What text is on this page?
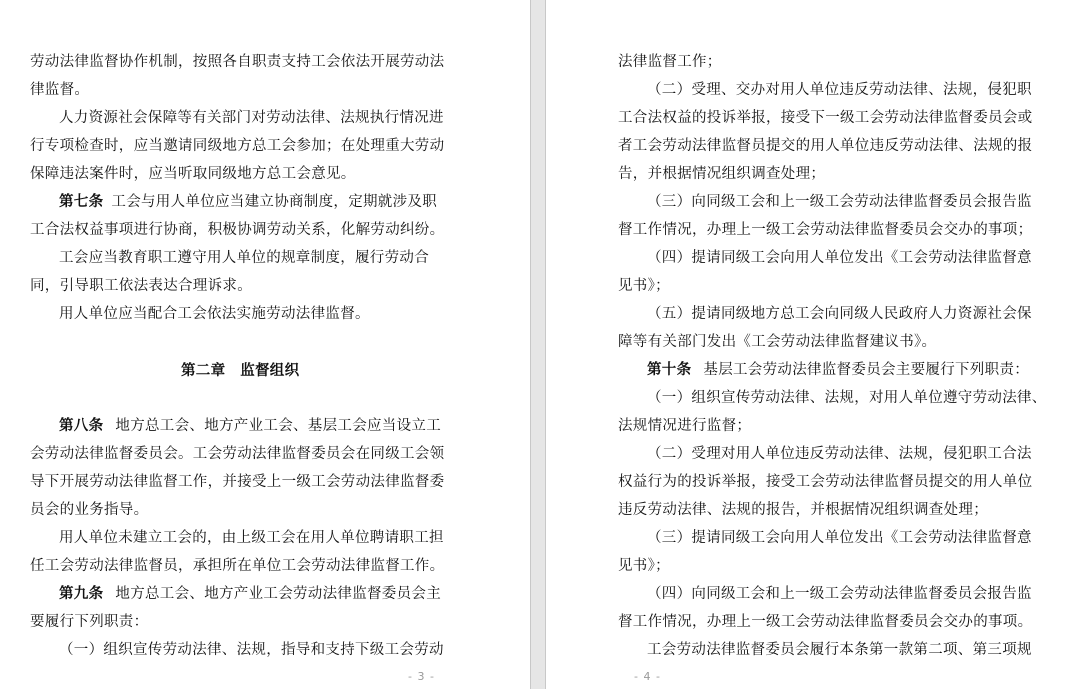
劳动法律监督协作机制，按照各自职责支持工会依法开展劳动法
律监督。
人力资源社会保障等有关部门对劳动法律、法规执行情况进
行专项检查时，应当邀请同级地方总工会参加；在处理重大劳动
保障违法案件时，应当听取同级地方总工会意见。
第七条 工会与用人单位应当建立协商制度，定期就涉及职
工合法权益事项进行协商，积极协调劳动关系，化解劳动纠纷。
工会应当教育职工遵守用人单位的规章制度，履行劳动合
同，引导职工依法表达合理诉求。
用人单位应当配合工会依法实施劳动法律监督。
第二章　监督组织
第八条 地方总工会、地方产业工会、基层工会应当设立工
会劳动法律监督委员会。工会劳动法律监督委员会在同级工会领
导下开展劳动法律监督工作，并接受上一级工会劳动法律监督委
员会的业务指导。
用人单位未建立工会的，由上级工会在用人单位聘请职工担
任工会劳动法律监督员，承担所在单位工会劳动法律监督工作。
第九条 地方总工会、地方产业工会劳动法律监督委员会主
要履行下列职责：
（一）组织宣传劳动法律、法规，指导和支持下级工会劳动
- 3 -
法律监督工作；
（二）受理、交办对用人单位违反劳动法律、法规，侵犯职
工合法权益的投诉举报，接受下一级工会劳动法律监督委员会或
者工会劳动法律监督员提交的用人单位违反劳动法律、法规的报
告，并根据情况组织调查处理；
（三）向同级工会和上一级工会劳动法律监督委员会报告监
督工作情况，办理上一级工会劳动法律监督委员会交办的事项；
（四）提请同级工会向用人单位发出《工会劳动法律监督意
见书》；
（五）提请同级地方总工会向同级人民政府人力资源社会保
障等有关部门发出《工会劳动法律监督建议书》。
第十条 基层工会劳动法律监督委员会主要履行下列职责：
（一）组织宣传劳动法律、法规，对用人单位遵守劳动法律、
法规情况进行监督；
（二）受理对用人单位违反劳动法律、法规，侵犯职工合法
权益行为的投诉举报，接受工会劳动法律监督员提交的用人单位
违反劳动法律、法规的报告，并根据情况组织调查处理；
（三）提请同级工会向用人单位发出《工会劳动法律监督意
见书》；
（四）向同级工会和上一级工会劳动法律监督委员会报告监
督工作情况，办理上一级工会劳动法律监督委员会交办的事项。
工会劳动法律监督委员会履行本条第一款第二项、第三项规
- 4 -
